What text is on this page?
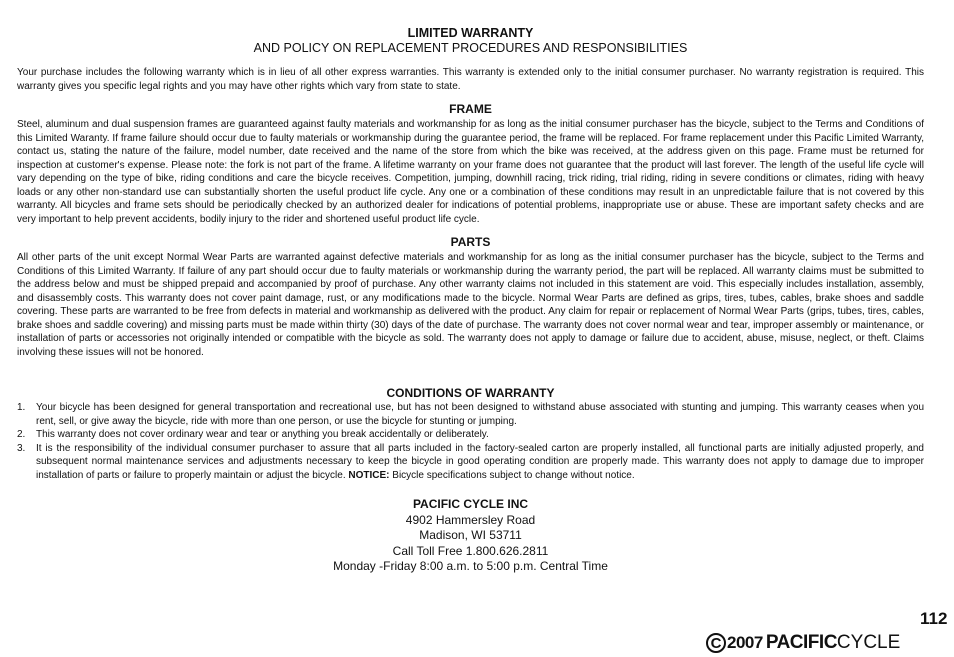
LIMITED WARRANTY
AND POLICY ON REPLACEMENT PROCEDURES AND RESPONSIBILITIES

Your purchase includes the following warranty which is in lieu of all other express warranties. This warranty is extended only to the initial consumer purchaser. No warranty registration is required. This warranty gives you specific legal rights and you may have other rights which vary from state to state.

FRAME

Steel, aluminum and dual suspension frames are guaranteed against faulty materials and workmanship for as long as the initial consumer purchaser has the bicycle, subject to the Terms and Conditions of this Limited Waranty. If frame failure should occur due to faulty materials or workmanship during the guarantee period, the frame will be replaced. For frame replacement under this Pacific Limited Warranty, contact us, stating the nature of the failure, model number, date received and the name of the store from which the bike was received, at the address given on this page. Frame must be returned for inspection at customer's expense. Please note: the fork is not part of the frame. A lifetime warranty on your frame does not guarantee that the product will last forever. The length of the useful life cycle will vary depending on the type of bike, riding conditions and care the bicycle receives. Competition, jumping, downhill racing, trick riding, trial riding, riding in severe conditions or climates, riding with heavy loads or any other non-standard use can substantially shorten the useful product life cycle. Any one or a combination of these conditions may result in an unpredictable failure that is not covered by this warranty. All bicycles and frame sets should be periodically checked by an authorized dealer for indications of potential problems, inappropriate use or abuse. These are important safety checks and are very important to help prevent accidents, bodily injury to the rider and shortened useful product life cycle.

PARTS

All other parts of the unit except Normal Wear Parts are warranted against defective materials and workmanship for as long as the initial consumer purchaser has the bicycle, subject to the Terms and Conditions of this Limited Warranty. If failure of any part should occur due to faulty materials or workmanship during the warranty period, the part will be replaced. All warranty claims must be submitted to the address below and must be shipped prepaid and accompanied by proof of purchase. Any other warranty claims not included in this statement are void. This especially includes installation, assembly, and disassembly costs. This warranty does not cover paint damage, rust, or any modifications made to the bicycle. Normal Wear Parts are defined as grips, tires, tubes, cables, brake shoes and saddle covering. These parts are warranted to be free from defects in material and workmanship as delivered with the product. Any claim for repair or replacement of Normal Wear Parts (grips, tubes, tires, cables, brake shoes and saddle covering) and missing parts must be made within thirty (30) days of the date of purchase. The warranty does not cover normal wear and tear, improper assembly or maintenance, or installation of parts or accessories not originally intended or compatible with the bicycle as sold. The warranty does not apply to damage or failure due to accident, abuse, misuse, neglect, or theft. Claims involving these issues will not be honored.

CONDITIONS OF WARRANTY
1. Your bicycle has been designed for general transportation and recreational use, but has not been designed to withstand abuse associated with stunting and jumping. This warranty ceases when you rent, sell, or give away the bicycle, ride with more than one person, or use the bicycle for stunting or jumping.
2. This warranty does not cover ordinary wear and tear or anything you break accidentally or deliberately.
3. It is the responsibility of the individual consumer purchaser to assure that all parts included in the factory-sealed carton are properly installed, all functional parts are initially adjusted properly, and subsequent normal maintenance services and adjustments necessary to keep the bicycle in good operating condition are properly made. This warranty does not apply to damage due to improper installation of parts or failure to properly maintain or adjust the bicycle. NOTICE: Bicycle specifications subject to change without notice.
PACIFIC CYCLE INC
4902 Hammersley Road
Madison, WI 53711
Call Toll Free 1.800.626.2811
Monday -Friday 8:00 a.m. to 5:00 p.m. Central Time
112
C 2007 PACIFIC CYCLE
